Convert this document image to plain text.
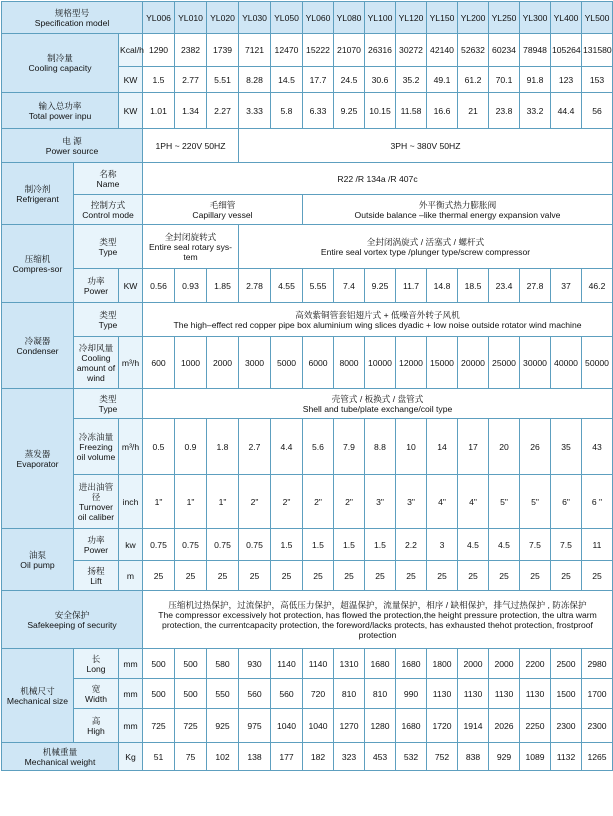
规格型号
Specification model			YL006	YL010	YL020	YL030	YL050	YL060	YL080	YL100	YL120	YL150	YL200	YL250	YL300	YL400	YL500

制冷量
Cooling capacity		Kcal/h	1290	2382	1739	7121	12470	15222	21070	26316	30272	42140	52632	60234	78948	105264	131580
		KW	1.5	2.77	5.51	8.28	14.5	17.7	24.5	30.6	35.2	49.1	61.2	70.1	91.8	123	153

输入总功率
Total power inpu		KW	1.01	1.34	2.27	3.33	5.8	6.33	9.25	10.15	11.58	16.6	21	23.8	33.2	44.4	56

电 源
Power source			1PH ~ 220V 50HZ			3PH ~ 380V 50HZ											

制冷剂
Refrigerant	名称
Name		R22 /R 134a /R 407c														

	控制方式
Control mode		毛细管
Capillary vessel					外平衡式热力膨胀阀
Outside balance –like thermal energy expansion valve									

压缩机
Compres-sor	类型
Type		全封闭旋转式
Entire seal rotary sys-tem			全封闭涡旋式 / 活塞式 / 螺杆式
Entire seal vortex type /plunger type/screw compressor											

	功率
Power	KW	0.56	0.93	1.85	2.78	4.55	5.55	7.4	9.25	11.7	14.8	18.5	23.4	27.8	37	46.2

冷凝器
Condenser	类型
Type		高效紫铜管套铝翅片式 + 低噪音外转子风机
The high–effect red copper pipe box aluminium wing slices dyadic + low noise outside rotator wind machine														

	冷却风量
Cooling amount of wind	m³/h	600	1000	2000	3000	5000	6000	8000	10000	12000	15000	20000	25000	30000	40000	50000

蒸发器
Evaporator	类型
Type		壳管式 / 板换式 / 盘管式
Shell and tube/plate exchange/coil type														

	冷冻油量
Freezing oil volume	m³/h	0.5	0.9	1.8	2.7	4.4	5.6	7.9	8.8	10	14	17	20	26	35	43

	进出油管径
Turnover oil caliber	inch	1"	1"	1"	2"	2"	2"	2"	3"	3"	4"	4"	5"	5"	6"	6 "

油泵
Oil pump	功率
Power	kw	0.75	0.75	0.75	0.75	1.5	1.5	1.5	1.5	2.2	3	4.5	4.5	7.5	7.5	11

	扬程
Lift	m	25	25	25	25	25	25	25	25	25	25	25	25	25	25	25

安全保护
Safekeeping of security			压缩机过热保护，过流保护，高低压力保护，超温保护，流量保护，相序 / 缺相保护，排气过热保护 , 防冻保护
The compressor excessively hot protection, has flowed the protection,the height pressure protection, the ultra warm protection, the currentcapacity protection, the foreword/lacks protects, has exhausted thehot protection, frostproof protection														

机械尺寸
Mechanical size	长
Long	mm	500	500	580	930	1140	1140	1310	1680	1680	1800	2000	2000	2200	2500	2980

	宽
Width	mm	500	500	550	560	560	720	810	810	990	1130	1130	1130	1130	1500	1700

	高
High	mm	725	725	925	975	1040	1040	1270	1280	1680	1720	1914	2026	2250	2300	2300

机械重量
Mechanical weight		Kg	51	75	102	138	177	182	323	453	532	752	838	929	1089	1132	1265
